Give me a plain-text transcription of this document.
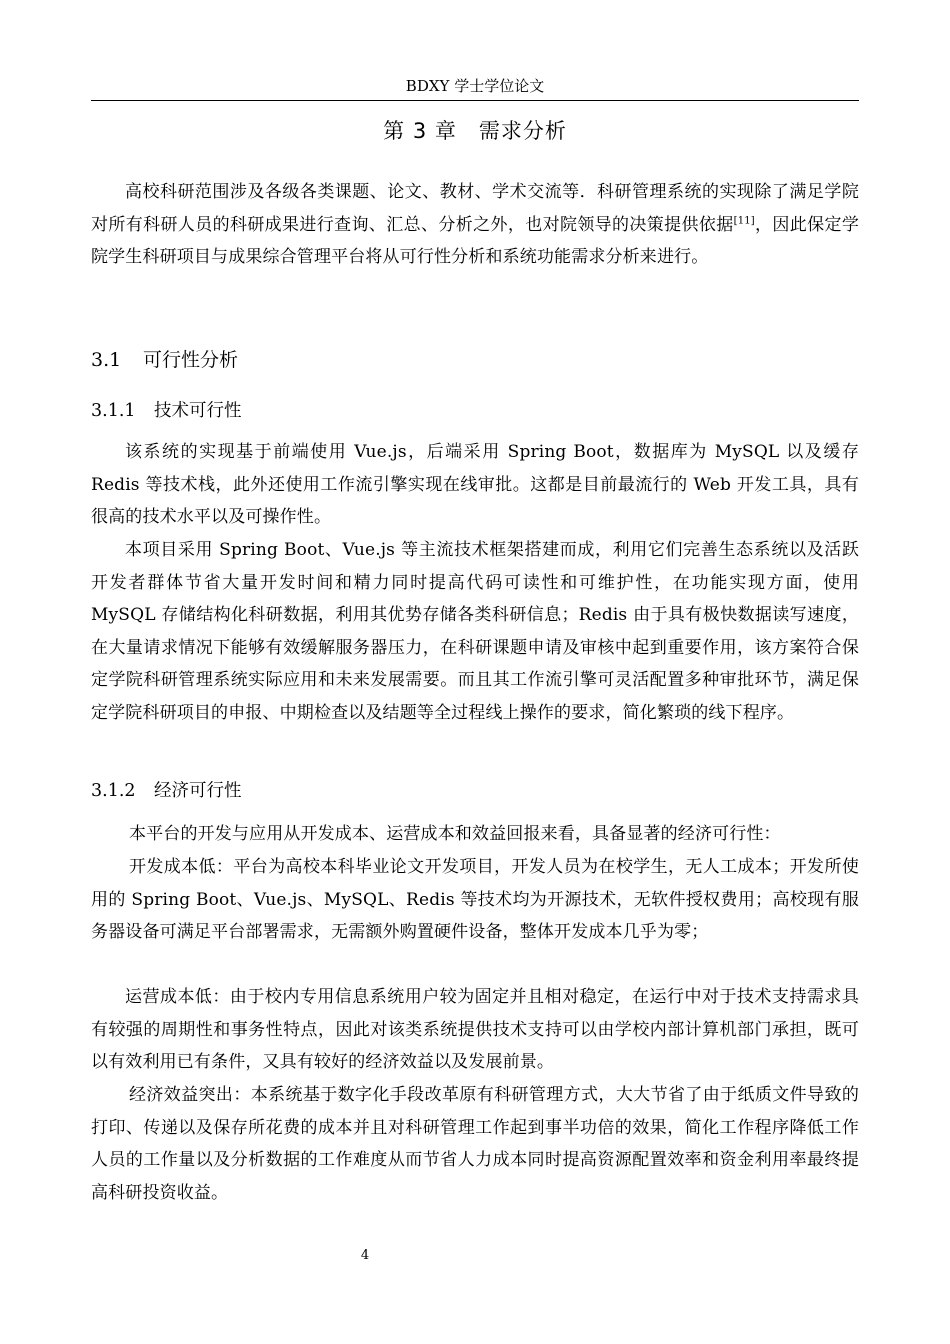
BDXY 学士学位论文
第 3 章 需求分析

高校科研范围涉及各级各类课题、论文、教材、学术交流等．科研管理系统的实现除了满足学院对所有科研人员的科研成果进行查询、汇总、分析之外，也对院领导的决策提供依据[11]，因此保定学院学生科研项目与成果综合管理平台将从可行性分析和系统功能需求分析来进行。

3.1 可行性分析
3.1.1 技术可行性

该系统的实现基于前端使用 Vue.js，后端采用 Spring Boot，数据库为 MySQL 以及缓存 Redis 等技术栈，此外还使用工作流引擎实现在线审批。这都是目前最流行的 Web 开发工具，具有很高的技术水平以及可操作性。

本项目采用 Spring Boot、Vue.js 等主流技术框架搭建而成，利用它们完善生态系统以及活跃开发者群体节省大量开发时间和精力同时提高代码可读性和可维护性，在功能实现方面，使用 MySQL 存储结构化科研数据，利用其优势存储各类科研信息；Redis 由于具有极快数据读写速度，在大量请求情况下能够有效缓解服务器压力，在科研课题申请及审核中起到重要作用，该方案符合保定学院科研管理系统实际应用和未来发展需要。而且其工作流引擎可灵活配置多种审批环节，满足保定学院科研项目的申报、中期检查以及结题等全过程线上操作的要求，简化繁琐的线下程序。

3.1.2 经济可行性

本平台的开发与应用从开发成本、运营成本和效益回报来看，具备显著的经济可行性：

开发成本低：平台为高校本科毕业论文开发项目，开发人员为在校学生，无人工成本；开发所使用的 Spring Boot、Vue.js、MySQL、Redis 等技术均为开源技术，无软件授权费用；高校现有服务器设备可满足平台部署需求，无需额外购置硬件设备，整体开发成本几乎为零；

运营成本低：由于校内专用信息系统用户较为固定并且相对稳定，在运行中对于技术支持需求具有较强的周期性和事务性特点，因此对该类系统提供技术支持可以由学校内部计算机部门承担，既可以有效利用已有条件，又具有较好的经济效益以及发展前景。

经济效益突出：本系统基于数字化手段改革原有科研管理方式，大大节省了由于纸质文件导致的打印、传递以及保存所花费的成本并且对科研管理工作起到事半功倍的效果，简化工作程序降低工作人员的工作量以及分析数据的工作难度从而节省人力成本同时提高资源配置效率和资金利用率最终提高科研投资收益。

4
